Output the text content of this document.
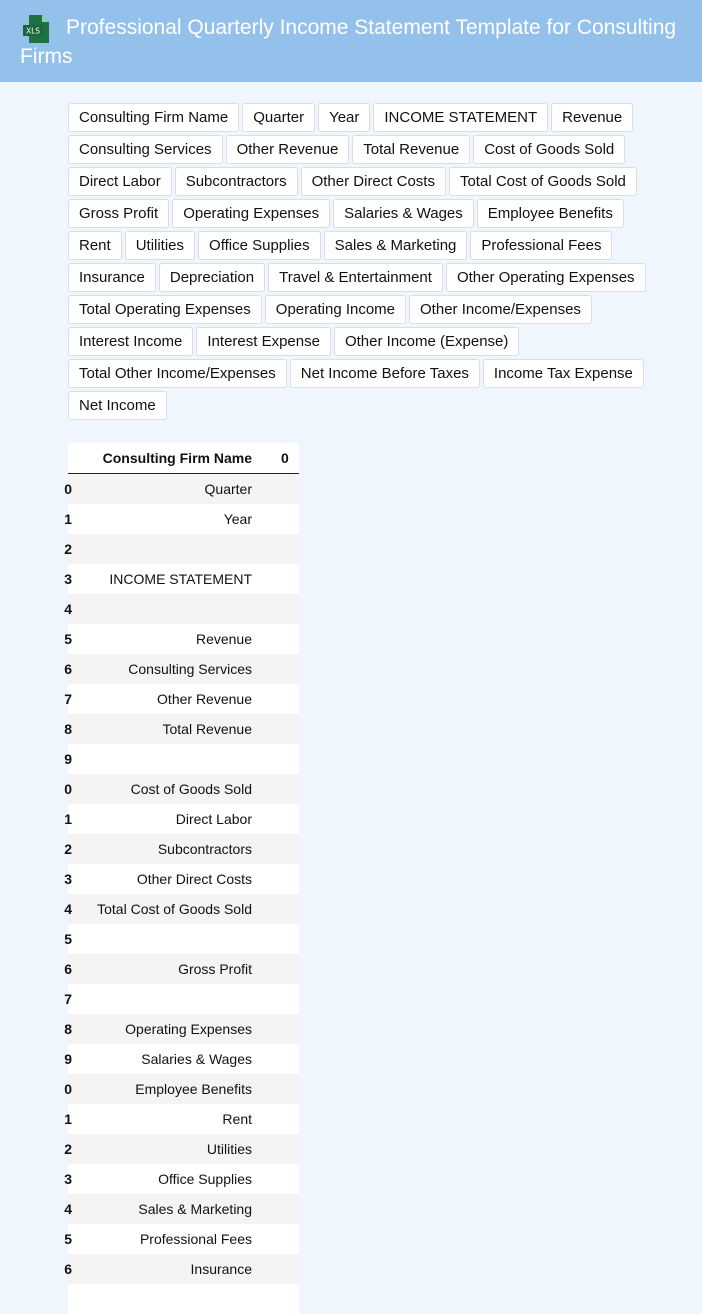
XLS	Professional Quarterly Income Statement Template for Consulting Firms
Consulting Firm Name	Quarter	Year	INCOME STATEMENT	Revenue
Consulting Services	Other Revenue	Total Revenue	Cost of Goods Sold
Direct Labor	Subcontractors	Other Direct Costs	Total Cost of Goods Sold
Gross Profit	Operating Expenses	Salaries & Wages	Employee Benefits
Rent	Utilities	Office Supplies	Sales & Marketing	Professional Fees
Insurance	Depreciation	Travel & Entertainment	Other Operating Expenses
Total Operating Expenses	Operating Income	Other Income/Expenses
Interest Income	Interest Expense	Other Income (Expense)
Total Other Income/Expenses	Net Income Before Taxes	Income Tax Expense
Net Income
	Consulting Firm Name	0
0	Quarter	
1	Year	
2		
3	INCOME STATEMENT	
4		
5	Revenue	
6	Consulting Services	
7	Other Revenue	
8	Total Revenue	
9		
0	Cost of Goods Sold	
1	Direct Labor	
2	Subcontractors	
3	Other Direct Costs	
4	Total Cost of Goods Sold	
5		
6	Gross Profit	
7		
8	Operating Expenses	
9	Salaries & Wages	
0	Employee Benefits	
1	Rent	
2	Utilities	
3	Office Supplies	
4	Sales & Marketing	
5	Professional Fees	
6	Insurance	
